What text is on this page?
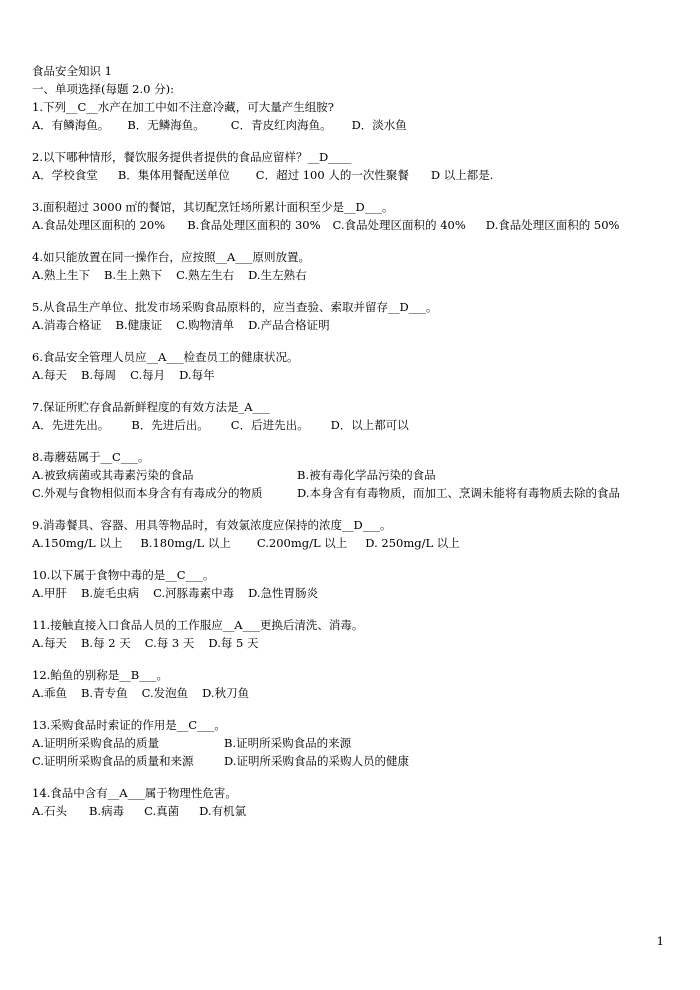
食品安全知识 1
一、单项选择(每题 2.0 分):
1.下列__C__水产在加工中如不注意冷藏，可大量产生组胺?
A．有鳞海鱼。 B．无鳞海鱼。 C．青皮红肉海鱼。 D．淡水鱼
2.以下哪种情形，餐饮服务提供者提供的食品应留样？__D____
A．学校食堂 B．集体用餐配送单位 C．超过 100 人的一次性聚餐 D 以上都是.
3.面积超过 3000 ㎡的餐馆，其切配烹饪场所累计面积至少是__D___。
A.食品处理区面积的 20% B.食品处理区面积的 30% C.食品处理区面积的 40% D.食品处理区面积的 50%
4.如只能放置在同一操作台，应按照__A___原则放置。
A.熟上生下 B.生上熟下 C.熟左生右 D.生左熟右
5.从食品生产单位、批发市场采购食品原料的，应当查验、索取并留存__D___。
A.消毒合格证 B.健康证 C.购物清单 D.产品合格证明
6.食品安全管理人员应__A___检查员工的健康状况。
A.每天 B.每周 C.每月 D.每年
7.保证所贮存食品新鲜程度的有效方法是_A___
A．先进先出。 B．先进后出。 C．后进先出。 D．以上都可以
8.毒蘑菇属于__C___。
A.被致病菌或其毒素污染的食品	B.被有毒化学品污染的食品
C.外观与食物相似而本身含有有毒成分的物质	D.本身含有有毒物质，而加工、烹调未能将有毒物质去除的食品
9.消毒餐具、容器、用具等物品时，有效氯浓度应保持的浓度__D___。
A.150mg/L 以上 B.180mg/L 以上 C.200mg/L 以上 D. 250mg/L 以上
10.以下属于食物中毒的是__C___。
A.甲肝 B.旋毛虫病 C.河豚毒素中毒 D.急性胃肠炎
11.接触直接入口食品人员的工作服应__A___更换后清洗、消毒。
A.每天 B.每 2 天 C.每 3 天 D.每 5 天
12.鲐鱼的别称是__B___。
A.乖鱼 B.青专鱼 C.发泡鱼 D.秋刀鱼
13.采购食品时索证的作用是__C___。
A.证明所采购食品的质量	B.证明所采购食品的来源
C.证明所采购食品的质量和来源	D.证明所采购食品的采购人员的健康
14.食品中含有__A___属于物理性危害。
A.石头 B.病毒 C.真菌 D.有机氯
1
